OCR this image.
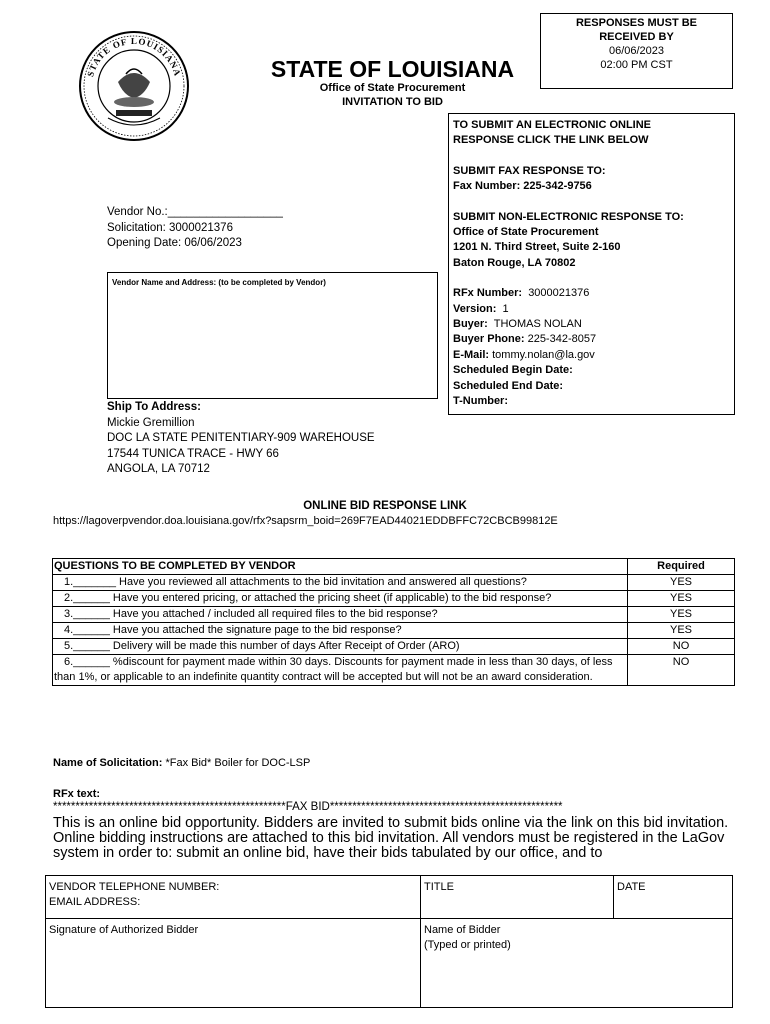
STATE OF LOUISIANA	STATE OF LOUISIANA
Office of State Procurement
INVITATION TO BID
RESPONSES MUST BE
RECEIVED BY
06/06/2023
02:00 PM CST
TO SUBMIT AN ELECTRONIC ONLINE
RESPONSE CLICK THE LINK BELOW
SUBMIT FAX RESPONSE TO:
Fax Number: 225-342-9756
SUBMIT NON-ELECTRONIC RESPONSE TO:
Office of State Procurement
1201 N. Third Street, Suite 2-160
Baton Rouge, LA 70802
RFx Number: 3000021376
Version: 1
Buyer: THOMAS NOLAN
Buyer Phone: 225-342-8057
E-Mail: tommy.nolan@la.gov
Scheduled Begin Date:
Scheduled End Date:
T-Number:
Vendor No.:__________________
Solicitation: 3000021376
Opening Date: 06/06/2023
Vendor Name and Address: (to be completed by Vendor)
Ship To Address:
Mickie Gremillion
DOC LA STATE PENITENTIARY-909 WAREHOUSE
17544 TUNICA TRACE - HWY 66
ANGOLA, LA 70712
ONLINE BID RESPONSE LINK
https://lagoverpvendor.doa.louisiana.gov/rfx?sapsrm_boid=269F7EAD44021EDDBFFC72CBCB99812E
QUESTIONS TO BE COMPLETED BY VENDOR	Required
1._______ Have you reviewed all attachments to the bid invitation and answered all questions?	YES
2.______ Have you entered pricing, or attached the pricing sheet (if applicable) to the bid response?	YES
3.______ Have you attached / included all required files to the bid response?	YES
4.______ Have you attached the signature page to the bid response?	YES
5.______ Delivery will be made this number of days After Receipt of Order (ARO)	NO
6.______ %discount for payment made within 30 days. Discounts for payment made in less than 30 days, of less than 1%, or applicable to an indefinite quantity contract will be accepted but will not be an award consideration.	NO
Name of Solicitation: *Fax Bid* Boiler for DOC-LSP
RFx text:
****************************************************FAX BID****************************************************
This is an online bid opportunity. Bidders are invited to submit bids online via the link on this bid invitation. Online bidding instructions are attached to this bid invitation. All vendors must be registered in the LaGov system in order to: submit an online bid, have their bids tabulated by our office, and to
VENDOR TELEPHONE NUMBER:
EMAIL ADDRESS:	TITLE	DATE
Signature of Authorized Bidder	Name of Bidder
(Typed or printed)	
